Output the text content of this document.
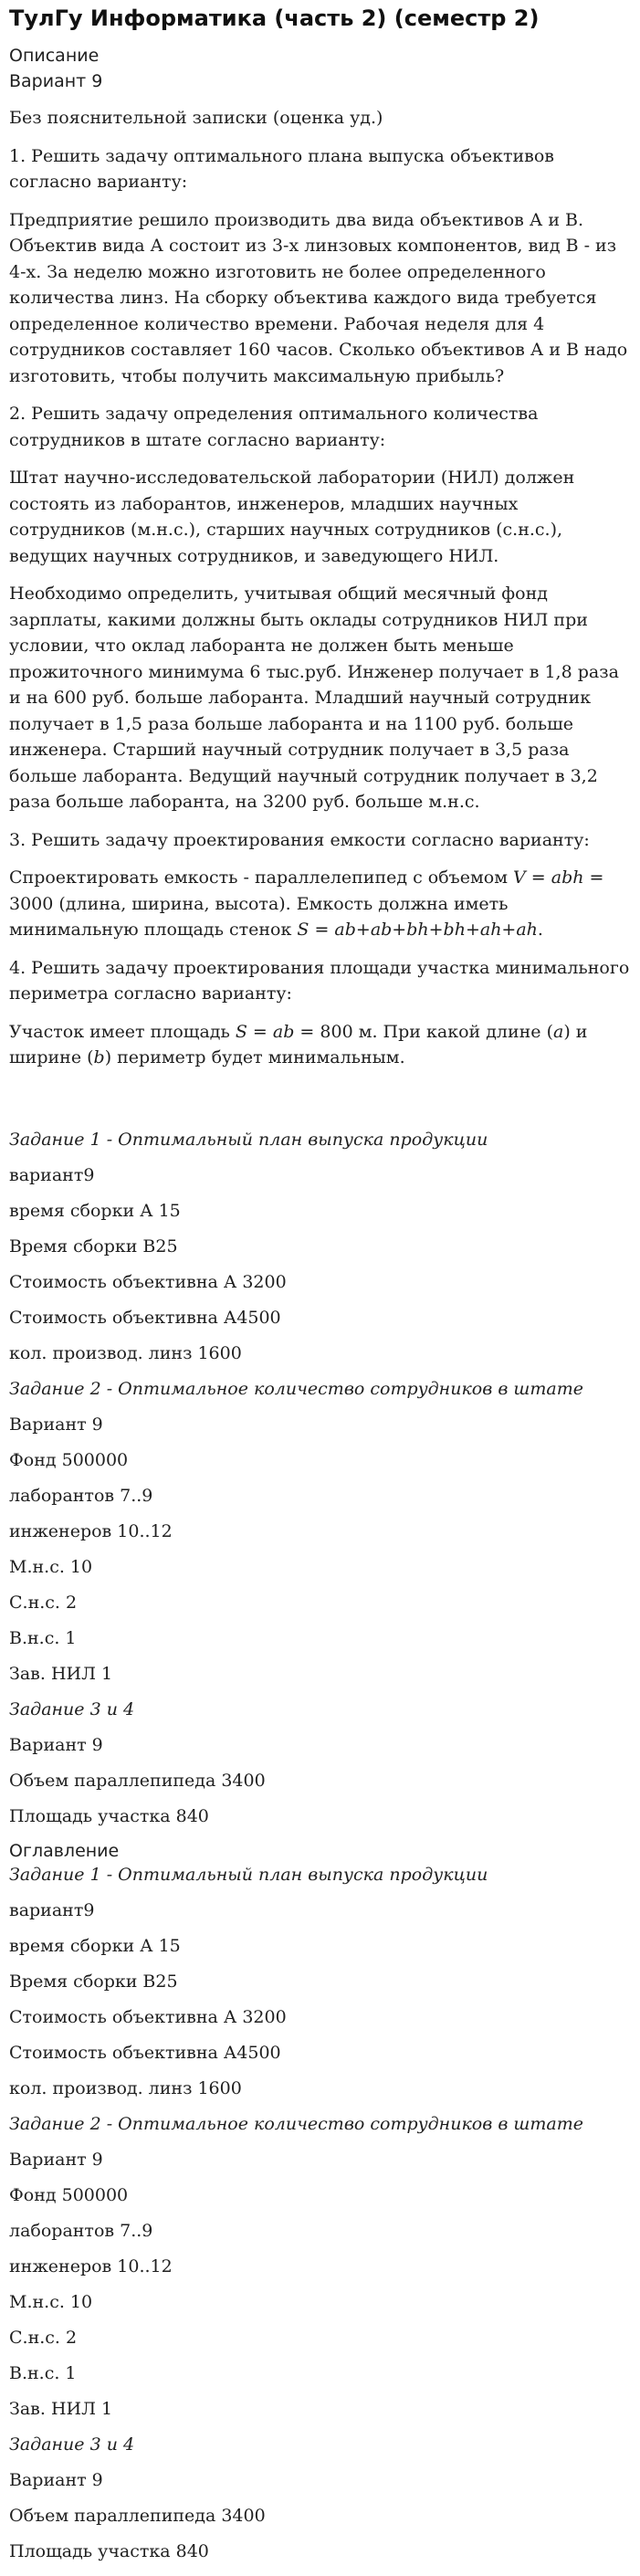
ТулГу Информатика (часть 2) (семестр 2)
Описание
Вариант 9

Без пояснительной записки (оценка уд.)

1. Решить задачу оптимального плана выпуска объективов согласно варианту:

Предприятие решило производить два вида объективов А и В. Объектив вида А состоит из 3-х линзовых компонентов, вид В - из 4-х. За неделю можно изготовить не более определенного количества линз. На сборку объектива каждого вида требуется определенное количество времени. Рабочая неделя для 4 сотрудников составляет 160 часов. Сколько объективов А и В надо изготовить, чтобы получить максимальную прибыль?

2. Решить задачу определения оптимального количества сотрудников в штате согласно варианту:

Штат научно-исследовательской лаборатории (НИЛ) должен состоять из лаборантов, инженеров, младших научных сотрудников (м.н.с.), старших научных сотрудников (с.н.с.), ведущих научных сотрудников, и заведующего НИЛ.

Необходимо определить, учитывая общий месячный фонд зарплаты, какими должны быть оклады сотрудников НИЛ при условии, что оклад лаборанта не должен быть меньше прожиточного минимума 6 тыс.руб. Инженер получает в 1,8 раза и на 600 руб. больше лаборанта. Младший научный сотрудник получает в 1,5 раза больше лаборанта и на 1100 руб. больше инженера. Старший научный сотрудник получает в 3,5 раза больше лаборанта. Ведущий научный сотрудник получает в 3,2 раза больше лаборанта, на 3200 руб. больше м.н.с.

3. Решить задачу проектирования емкости согласно варианту:

Спроектировать емкость - параллелепипед с объемом V = abh = 3000 (длина, ширина, высота). Емкость должна иметь минимальную площадь стенок S = ab+ab+bh+bh+ah+ah.

4. Решить задачу проектирования площади участка минимального периметра согласно варианту:

Участок имеет площадь S = ab = 800 м. При какой длине (a) и ширине (b) периметр будет минимальным.

Задание 1 - Оптимальный план выпуска продукции
вариант9
время сборки А 15
Время сборки В25
Стоимость объективна А 3200
Стоимость объективна А4500
кол. производ. линз 1600
Задание 2 - Оптимальное количество сотрудников в штате
Вариант 9
Фонд 500000
лаборантов 7..9
инженеров 10..12
М.н.с. 10
С.н.с. 2
В.н.с. 1
Зав. НИЛ 1
Задание 3 и 4
Вариант 9
Объем параллепипеда 3400
Площадь участка 840
Оглавление
Задание 1 - Оптимальный план выпуска продукции
вариант9
время сборки А 15
Время сборки В25
Стоимость объективна А 3200
Стоимость объективна А4500
кол. производ. линз 1600
Задание 2 - Оптимальное количество сотрудников в штате
Вариант 9
Фонд 500000
лаборантов 7..9
инженеров 10..12
М.н.с. 10
С.н.с. 2
В.н.с. 1
Зав. НИЛ 1
Задание 3 и 4
Вариант 9
Объем параллепипеда 3400
Площадь участка 840
